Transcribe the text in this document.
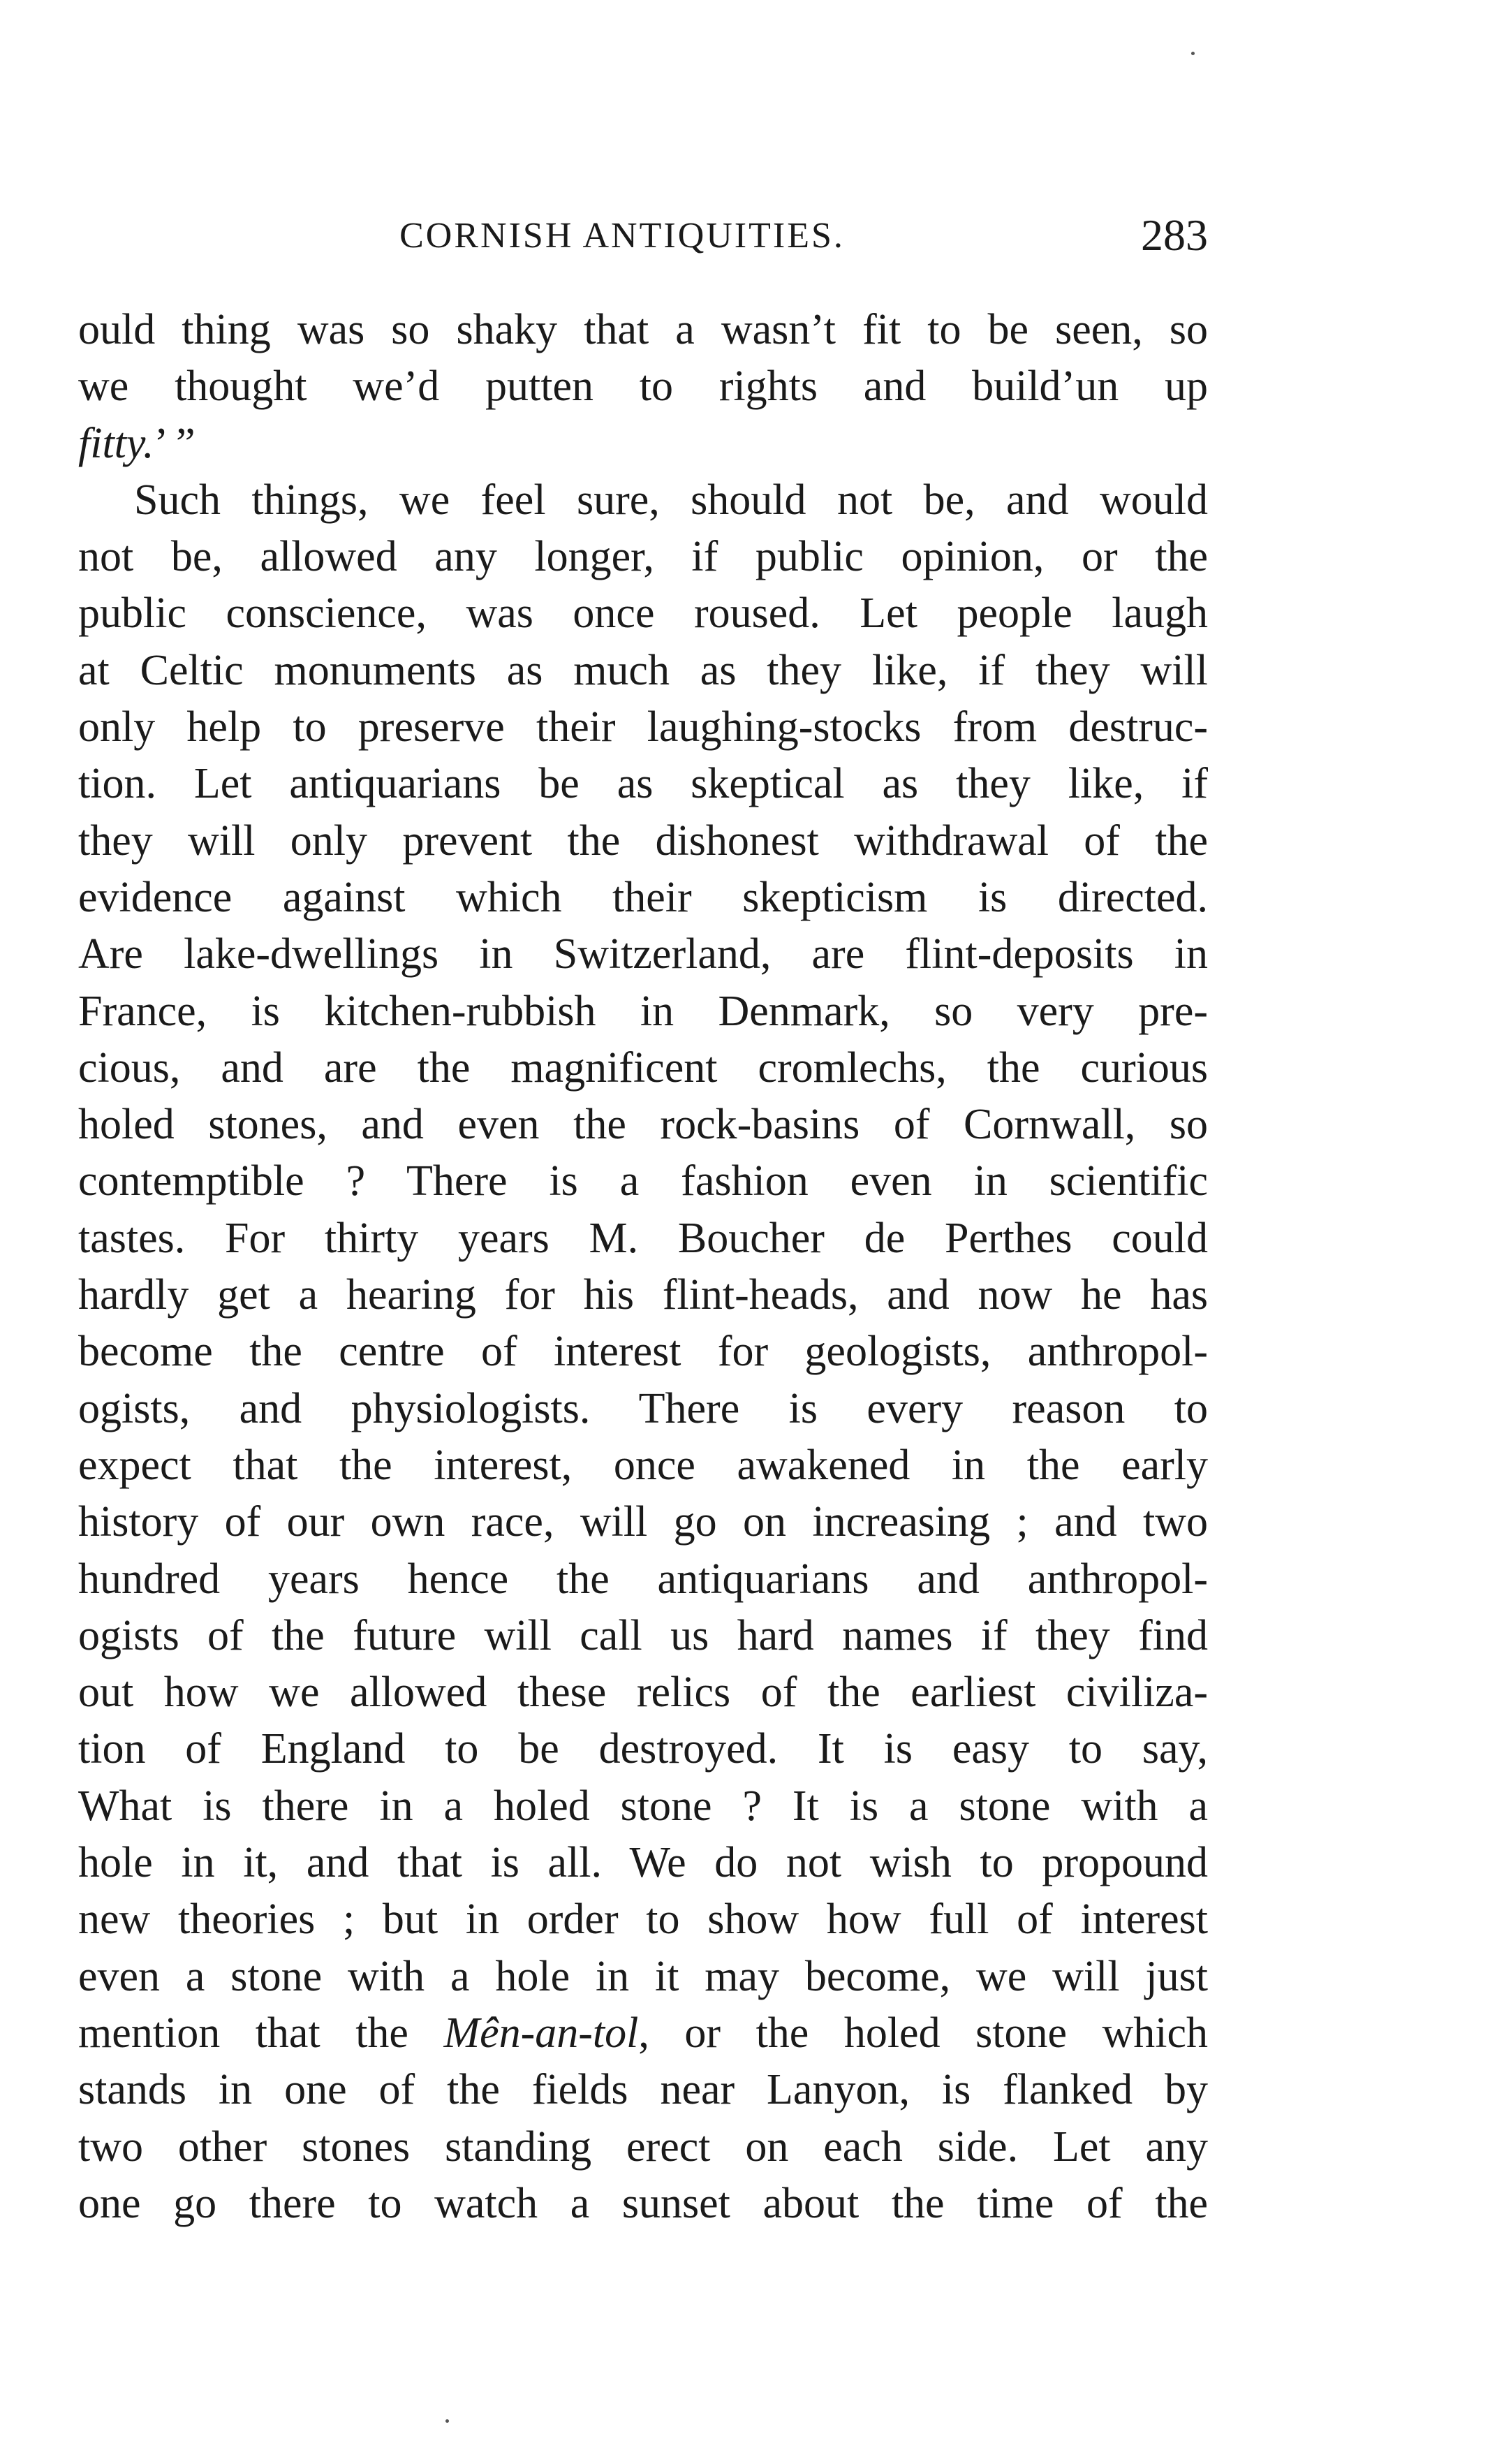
CORNISH ANTIQUITIES.	283
ould thing was so shaky that a wasn’t fit to be seen, so
we thought we’d putten to rights and build’un up
fitty.’ ”
Such things, we feel sure, should not be, and would
not be, allowed any longer, if public opinion, or the
public conscience, was once roused. Let people laugh
at Celtic monuments as much as they like, if they will
only help to preserve their laughing-stocks from destruc-
tion. Let antiquarians be as skeptical as they like, if
they will only prevent the dishonest withdrawal of the
evidence against which their skepticism is directed.
Are lake-dwellings in Switzerland, are flint-deposits in
France, is kitchen-rubbish in Denmark, so very pre-
cious, and are the magnificent cromlechs, the curious
holed stones, and even the rock-basins of Cornwall, so
contemptible ? There is a fashion even in scientific
tastes. For thirty years M. Boucher de Perthes could
hardly get a hearing for his flint-heads, and now he has
become the centre of interest for geologists, anthropol-
ogists, and physiologists. There is every reason to
expect that the interest, once awakened in the early
history of our own race, will go on increasing ; and two
hundred years hence the antiquarians and anthropol-
ogists of the future will call us hard names if they find
out how we allowed these relics of the earliest civiliza-
tion of England to be destroyed. It is easy to say,
What is there in a holed stone ? It is a stone with a
hole in it, and that is all. We do not wish to propound
new theories ; but in order to show how full of interest
even a stone with a hole in it may become, we will just
mention that the Mên-an-tol, or the holed stone which
stands in one of the fields near Lanyon, is flanked by
two other stones standing erect on each side. Let any
one go there to watch a sunset about the time of the
